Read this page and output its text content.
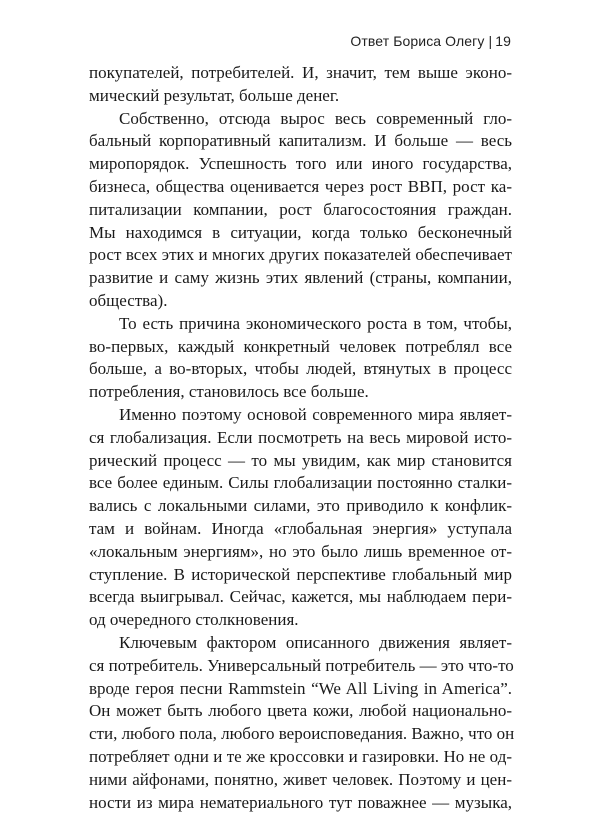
Ответ Бориса Олегу | 19
покупателей, потребителей. И, значит, тем выше эконо-
мический результат, больше денег.
Собственно, отсюда вырос весь современный гло-
бальный корпоративный капитализм. И больше — весь
миропорядок. Успешность того или иного государства,
бизнеса, общества оценивается через рост ВВП, рост ка-
питализации компании, рост благосостояния граждан.
Мы находимся в ситуации, когда только бесконечный
рост всех этих и многих других показателей обеспечивает
развитие и саму жизнь этих явлений (страны, компании,
общества).
То есть причина экономического роста в том, чтобы,
во-первых, каждый конкретный человек потреблял все
больше, а во-вторых, чтобы людей, втянутых в процесс
потребления, становилось все больше.
Именно поэтому основой современного мира являет-
ся глобализация. Если посмотреть на весь мировой исто-
рический процесс — то мы увидим, как мир становится
все более единым. Силы глобализации постоянно сталки-
вались с локальными силами, это приводило к конфлик-
там и войнам. Иногда «глобальная энергия» уступала
«локальным энергиям», но это было лишь временное от-
ступление. В исторической перспективе глобальный мир
всегда выигрывал. Сейчас, кажется, мы наблюдаем пери-
од очередного столкновения.
Ключевым фактором описанного движения являет-
ся потребитель. Универсальный потребитель — это что-то
вроде героя песни Rammstein “We All Living in America”.
Он может быть любого цвета кожи, любой национально-
сти, любого пола, любого вероисповедания. Важно, что он
потребляет одни и те же кроссовки и газировки. Но не од-
ними айфонами, понятно, живет человек. Поэтому и цен-
ности из мира нематериального тут поважнее — музыка,
